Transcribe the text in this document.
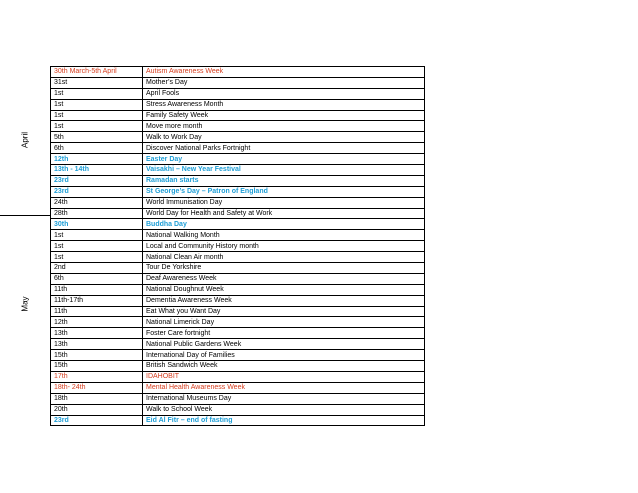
April
May
30th March-5th April	Autism Awareness Week
31st	Mother’s Day
1st	April Fools
1st	Stress Awareness Month
1st	Family Safety Week
1st	Move more month
5th	Walk to Work Day
6th	Discover National Parks Fortnight
12th	Easter Day
13th - 14th	Vaisakhi – New Year Festival
23rd	Ramadan starts
23rd	St George’s Day – Patron of England
24th	World Immunisation Day
28th	World Day for Health and Safety at Work
30th	Buddha Day
1st	National Walking Month
1st	Local and Community History month
1st	National Clean Air month
2nd	Tour De Yorkshire
6th	Deaf Awareness Week
11th	National Doughnut Week
11th-17th	Dementia Awareness Week
11th	Eat What you Want Day
12th	National Limerick Day
13th	Foster Care fortnight
13th	National Public Gardens Week
15th	International Day of Families
15th	British Sandwich Week
17th	IDAHOBIT
18th- 24th	Mental Health Awareness Week
18th	International Museums Day
20th	Walk to School Week
23rd	Eid Al Fitr – end of fasting
